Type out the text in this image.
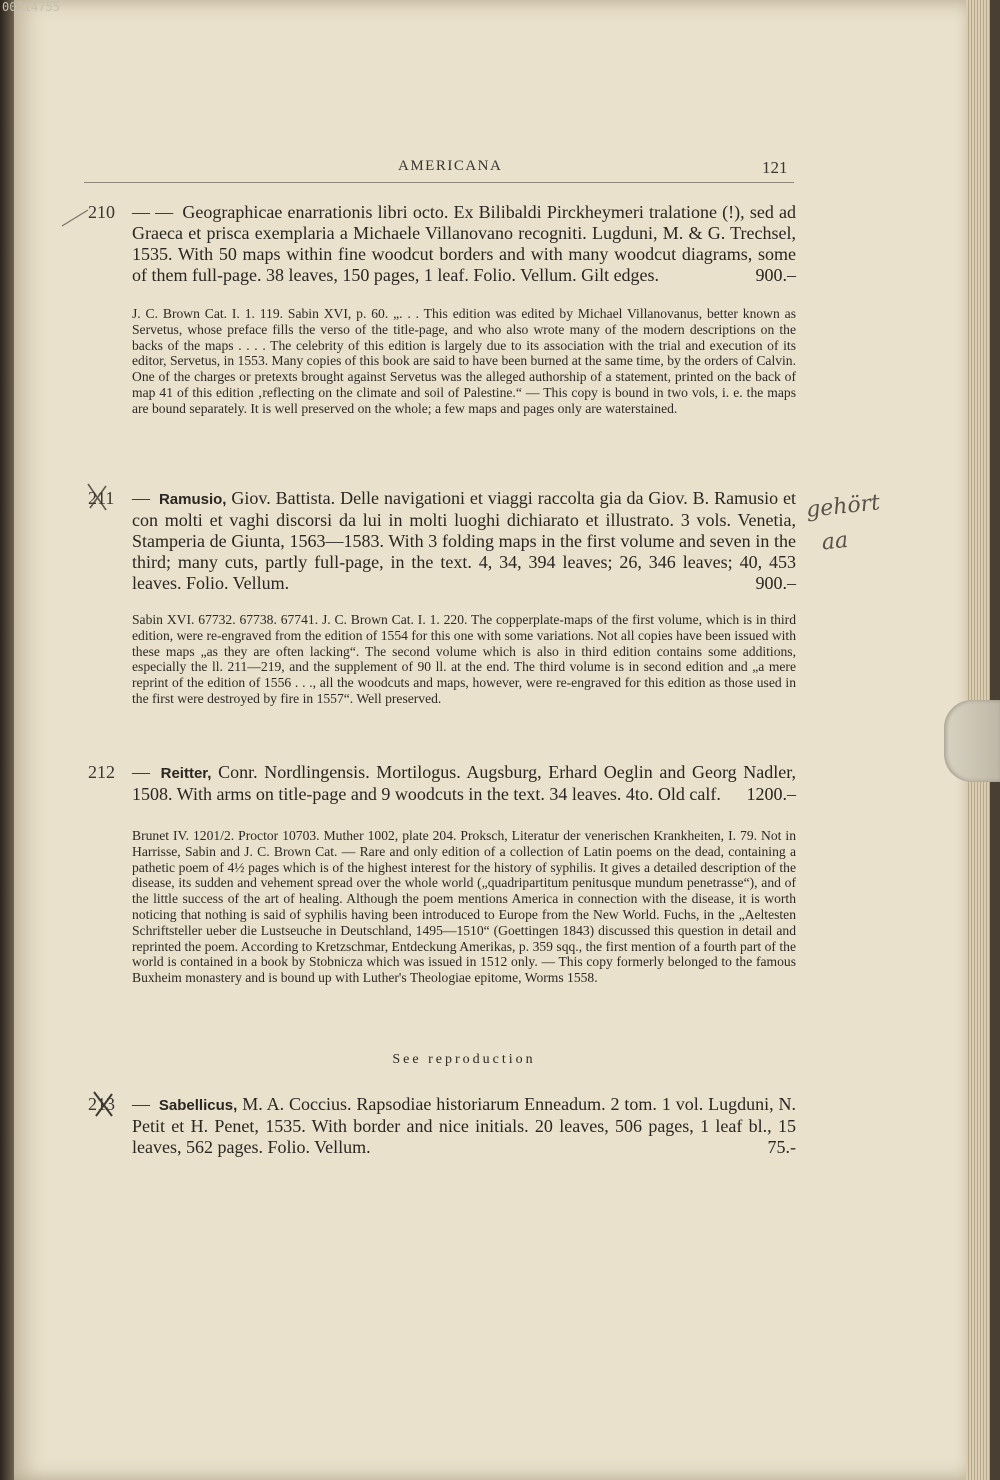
00114755
AMERICANA	121
210 — — Geographicae enarrationis libri octo. Ex Bilibaldi Pirckheymeri tralatione (!), sed ad Graeca et prisca exemplaria a Michaele Villanovano recogniti. Lugduni, M. & G. Trechsel, 1535. With 50 maps within fine woodcut borders and with many woodcut diagrams, some of them full-page. 38 leaves, 150 pages, 1 leaf. Folio. Vellum. Gilt edges.	900.–
J. C. Brown Cat. I. 1. 119. Sabin XVI, p. 60. „. . . This edition was edited by Michael Villanovanus, better known as Servetus, whose preface fills the verso of the title-page, and who also wrote many of the modern descriptions on the backs of the maps . . . . The celebrity of this edition is largely due to its association with the trial and execution of its editor, Servetus, in 1553. Many copies of this book are said to have been burned at the same time, by the orders of Calvin. One of the charges or pretexts brought against Servetus was the alleged authorship of a statement, printed on the back of map 41 of this edition ‚reflecting on the climate and soil of Palestine.“ — This copy is bound in two vols, i. e. the maps are bound separately. It is well preserved on the whole; a few maps and pages only are waterstained.
211 — Ramusio, Giov. Battista. Delle navigationi et viaggi raccolta gia da Giov. B. Ramusio et con molti et vaghi discorsi da lui in molti luoghi dichiarato et illustrato. 3 vols. Venetia, Stamperia de Giunta, 1563—1583. With 3 folding maps in the first volume and seven in the third; many cuts, partly full-page, in the text. 4, 34, 394 leaves; 26, 346 leaves; 40, 453 leaves. Folio. Vellum.	900.–
Sabin XVI. 67732. 67738. 67741. J. C. Brown Cat. I. 1. 220. The copperplate-maps of the first volume, which is in third edition, were re-engraved from the edition of 1554 for this one with some variations. Not all copies have been issued with these maps „as they are often lacking“. The second volume which is also in third edition contains some additions, especially the ll. 211—219, and the supplement of 90 ll. at the end. The third volume is in second edition and „a mere reprint of the edition of 1556 . . ., all the woodcuts and maps, however, were re-engraved for this edition as those used in the first were destroyed by fire in 1557“. Well preserved.
gehört
aa
212 — Reitter, Conr. Nordlingensis. Mortilogus. Augsburg, Erhard Oeglin and Georg Nadler, 1508. With arms on title-page and 9 woodcuts in the text. 34 leaves. 4to. Old calf. 1200.–
Brunet IV. 1201/2. Proctor 10703. Muther 1002, plate 204. Proksch, Literatur der venerischen Krankheiten, I. 79. Not in Harrisse, Sabin and J. C. Brown Cat. — Rare and only edition of a collection of Latin poems on the dead, containing a pathetic poem of 4½ pages which is of the highest interest for the history of syphilis. It gives a detailed description of the disease, its sudden and vehement spread over the whole world („quadripartitum penitusque mundum penetrasse“), and of the little success of the art of healing. Although the poem mentions America in connection with the disease, it is worth noticing that nothing is said of syphilis having been introduced to Europe from the New World. Fuchs, in the „Aeltesten Schriftsteller ueber die Lustseuche in Deutschland, 1495—1510“ (Goettingen 1843) discussed this question in detail and reprinted the poem. According to Kretzschmar, Entdeckung Amerikas, p. 359 sqq., the first mention of a fourth part of the world is contained in a book by Stobnicza which was issued in 1512 only. — This copy formerly belonged to the famous Buxheim monastery and is bound up with Luther's Theologiae epitome, Worms 1558.
See reproduction
213 — Sabellicus, M. A. Coccius. Rapsodiae historiarum Enneadum. 2 tom. 1 vol. Lugduni, N. Petit et H. Penet, 1535. With border and nice initials. 20 leaves, 506 pages, 1 leaf bl., 15 leaves, 562 pages. Folio. Vellum.	75.-
